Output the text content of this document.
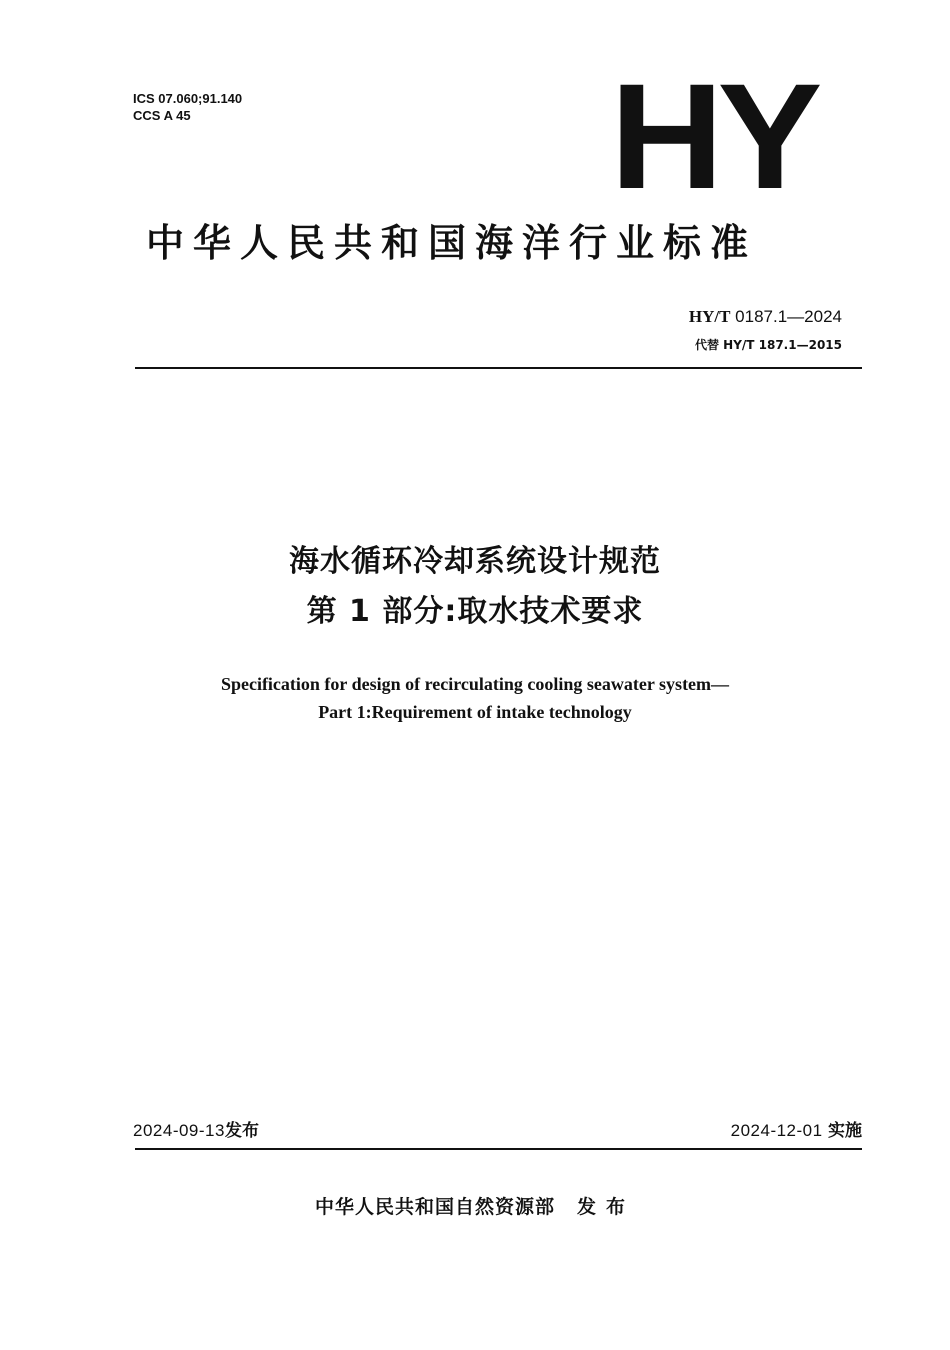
ICS 07.060;91.140
CCS A 45	HY
中华人民共和国海洋行业标准
HY/T 0187.1—2024
代替 HY/T 187.1—2015
海水循环冷却系统设计规范
第 1 部分:取水技术要求
Specification for design of recirculating cooling seawater system—
Part 1:Requirement of intake technology
2024-09-13发布	2024-12-01 实施
中华人民共和国自然资源部 发布
